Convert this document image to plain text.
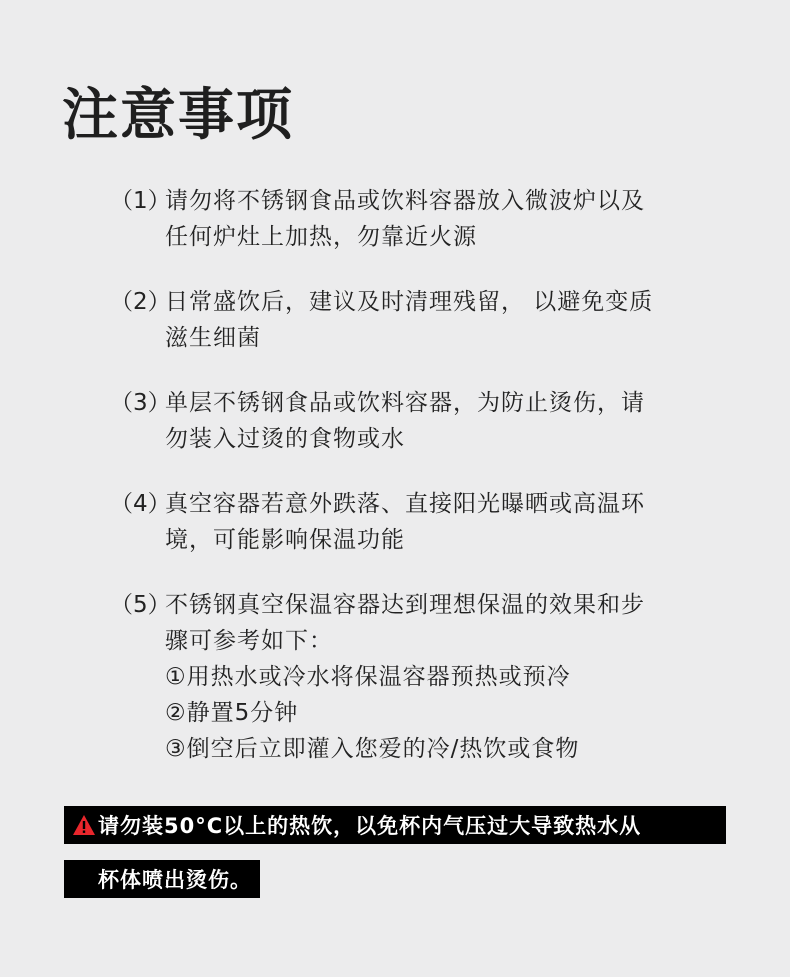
注意事项
（1）
请勿将不锈钢食品或饮料容器放入微波炉以及
任何炉灶上加热，勿靠近火源
（2）
日常盛饮后，建议及时清理残留， 以避免变质
滋生细菌
（3）
单层不锈钢食品或饮料容器，为防止烫伤，请
勿装入过烫的食物或水
（4）
真空容器若意外跌落、直接阳光曝晒或高温环
境，可能影响保温功能
（5）
不锈钢真空保温容器达到理想保温的效果和步
骤可参考如下：
①用热水或冷水将保温容器预热或预冷
②静置5分钟
③倒空后立即灌入您爱的冷/热饮或食物
请勿装50°C以上的热饮，以免杯内气压过大导致热水从
杯体喷出烫伤。
